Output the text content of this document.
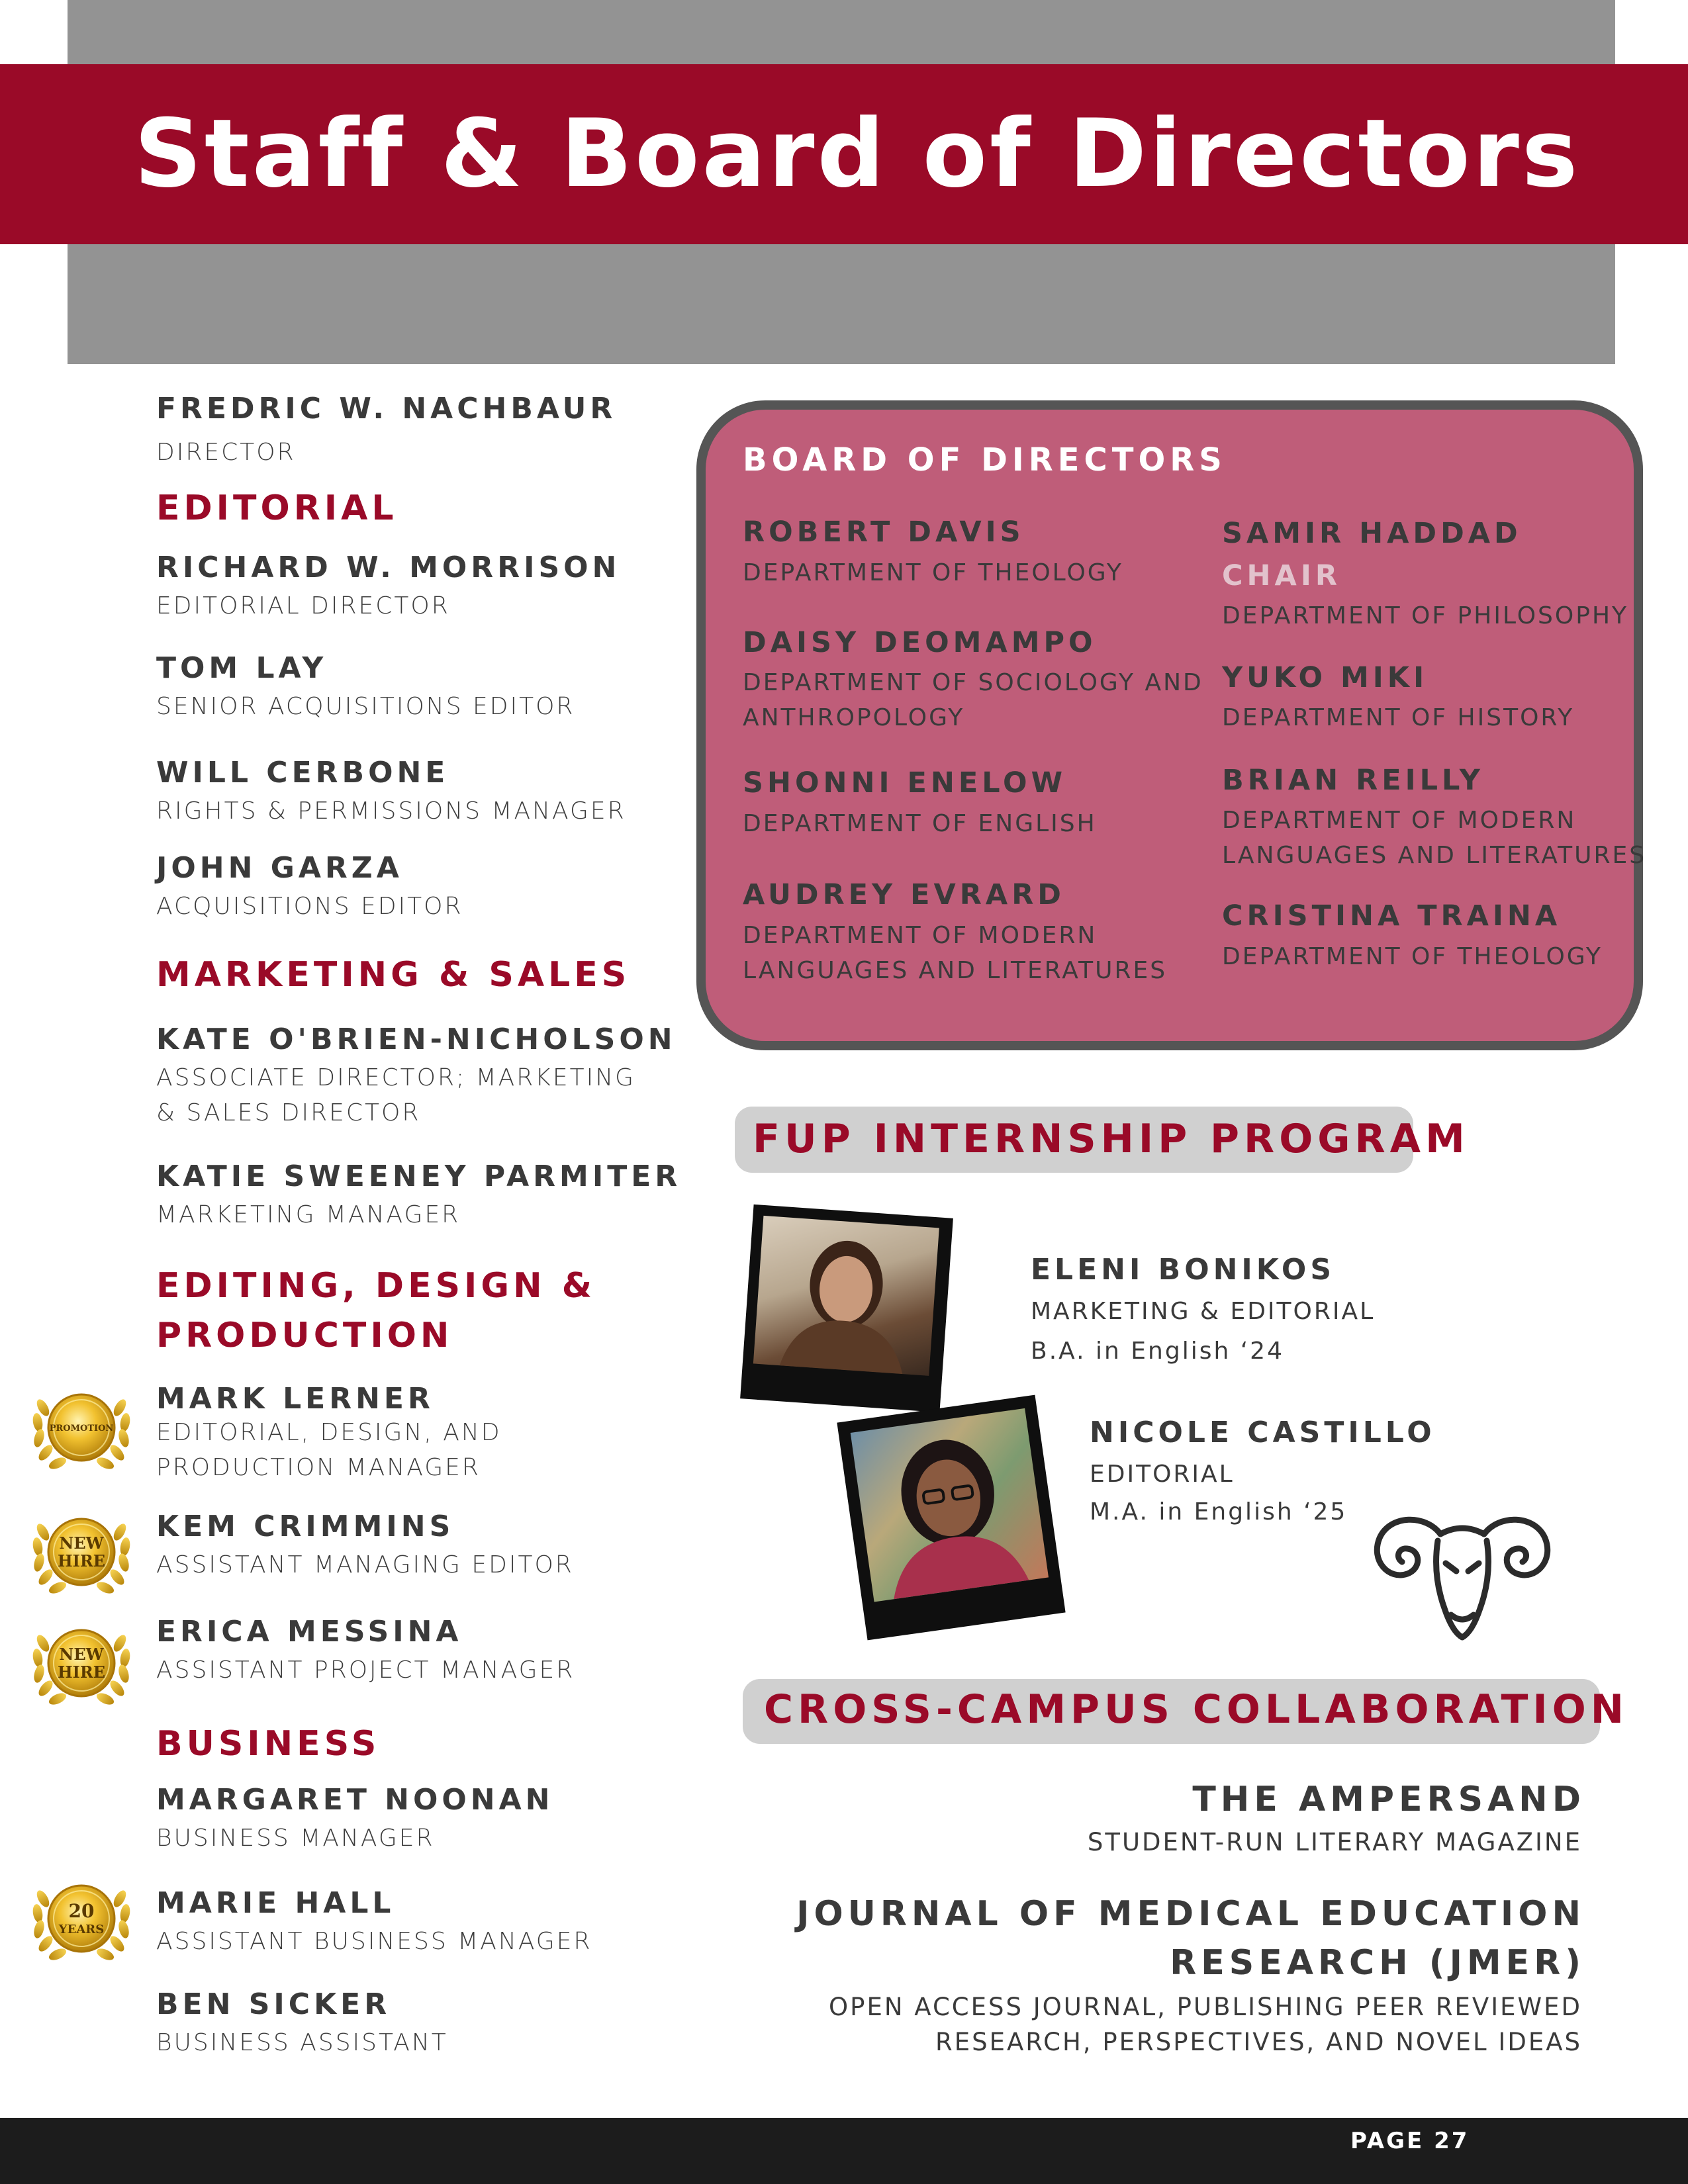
Staff & Board of Directors
FREDRIC W. NACHBAUR
DIRECTOR
EDITORIAL
RICHARD W. MORRISON
EDITORIAL DIRECTOR
TOM LAY
SENIOR ACQUISITIONS EDITOR
WILL CERBONE
RIGHTS & PERMISSIONS MANAGER
JOHN GARZA
ACQUISITIONS EDITOR
MARKETING & SALES
KATE O'BRIEN-NICHOLSON
ASSOCIATE DIRECTOR; MARKETING
& SALES DIRECTOR
KATIE SWEENEY PARMITER
MARKETING MANAGER
EDITING, DESIGN &
PRODUCTION
PROMOTION
MARK LERNER
EDITORIAL, DESIGN, AND
PRODUCTION MANAGER
NEW
HIRE
KEM CRIMMINS
ASSISTANT MANAGING EDITOR
NEW
HIRE
ERICA MESSINA
ASSISTANT PROJECT MANAGER
BUSINESS
MARGARET NOONAN
BUSINESS MANAGER
20
YEARS
MARIE HALL
ASSISTANT BUSINESS MANAGER
BEN SICKER
BUSINESS ASSISTANT
BOARD OF DIRECTORS
ROBERT DAVIS
DEPARTMENT OF THEOLOGY
DAISY DEOMAMPO
DEPARTMENT OF SOCIOLOGY AND
ANTHROPOLOGY
SHONNI ENELOW
DEPARTMENT OF ENGLISH
AUDREY EVRARD
DEPARTMENT OF MODERN
LANGUAGES AND LITERATURES
SAMIR HADDAD
CHAIR
DEPARTMENT OF PHILOSOPHY
YUKO MIKI
DEPARTMENT OF HISTORY
BRIAN REILLY
DEPARTMENT OF MODERN
LANGUAGES AND LITERATURES
CRISTINA TRAINA
DEPARTMENT OF THEOLOGY
FUP INTERNSHIP PROGRAM
ELENI BONIKOS
MARKETING & EDITORIAL
B.A. in English ‘24
NICOLE CASTILLO
EDITORIAL
M.A. in English ‘25
CROSS-CAMPUS COLLABORATION
THE AMPERSAND
STUDENT-RUN LITERARY MAGAZINE
JOURNAL OF MEDICAL EDUCATION
RESEARCH (JMER)
OPEN ACCESS JOURNAL, PUBLISHING PEER REVIEWED
RESEARCH, PERSPECTIVES, AND NOVEL IDEAS
PAGE 27
